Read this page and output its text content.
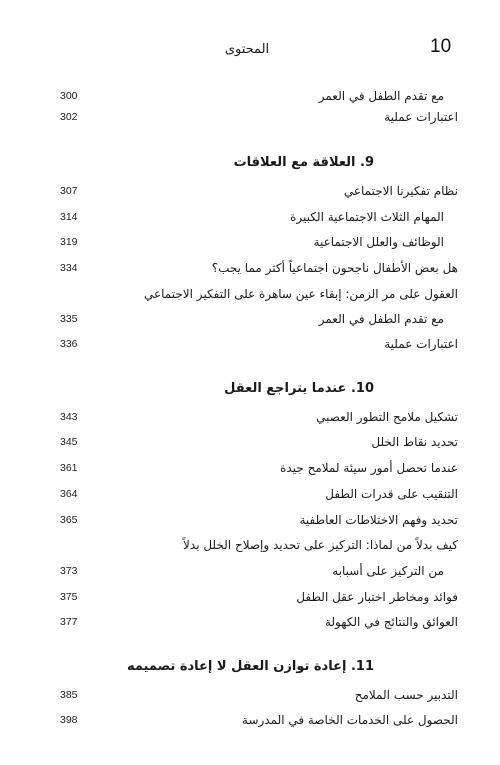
10
المحتوى
مع تقدم الطفل في العمر
300
اعتبارات عملية
302
9. العلاقة مع العلاقات
نظام تفكيرنا الاجتماعي
307
المهام الثلاث الاجتماعية الكبيرة
314
الوظائف والعلل الاجتماعية
319
هل بعض الأطفال ناجحون اجتماعياً أكثر مما يجب؟
334
العقول على مر الزمن: إبقاء عين ساهرة على التفكير الاجتماعي
مع تقدم الطفل في العمر
335
اعتبارات عملية
336
10. عندما يتراجع العقل
تشكيل ملامح التطور العصبي
343
تحديد نقاط الخلل
345
عندما تحصل أمور سيئة لملامح جيدة
361
التنقيب على قدرات الطفل
364
تحديد وفهم الاختلاطات العاطفية
365
كيف بدلاً من لماذا: التركيز على تحديد وإصلاح الخلل بدلاً
من التركيز على أسبابه
373
فوائد ومخاطر اختبار عقل الطفل
375
العوائق والنتائج في الكهولة
377
11. إعادة توازن العقل لا إعادة تصميمه
التدبير حسب الملامح
385
الحصول على الخدمات الخاصة في المدرسة
398
